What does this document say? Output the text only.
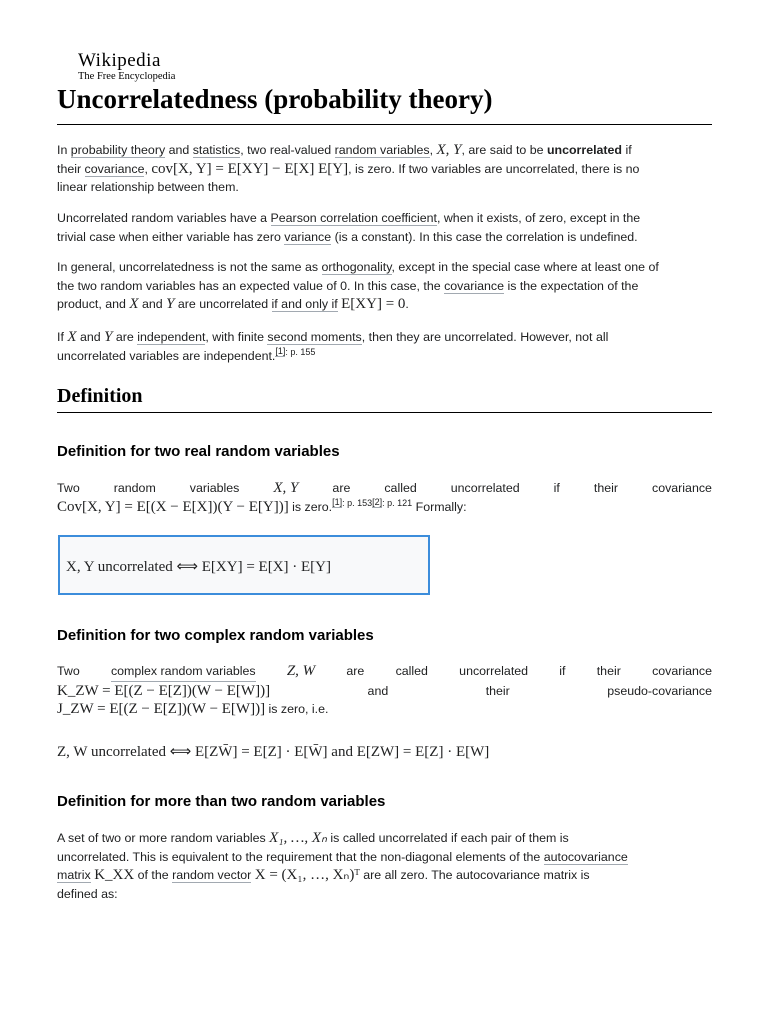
Wikipedia
The Free Encyclopedia
Uncorrelatedness (probability theory)
In probability theory and statistics, two real-valued random variables, X, Y, are said to be uncorrelated if
their covariance, cov[X, Y] = E[XY] − E[X] E[Y], is zero. If two variables are uncorrelated, there is no
linear relationship between them.
Uncorrelated random variables have a Pearson correlation coefficient, when it exists, of zero, except in the
trivial case when either variable has zero variance (is a constant). In this case the correlation is undefined.
In general, uncorrelatedness is not the same as orthogonality, except in the special case where at least one of
the two random variables has an expected value of 0. In this case, the covariance is the expectation of the
product, and X and Y are uncorrelated if and only if E[XY] = 0.
If X and Y are independent, with finite second moments, then they are uncorrelated. However, not all
uncorrelated variables are independent.$^{[1]: p. 155}$
Definition
Definition for two real random variables
Two	random	variables X, Y	are	called	uncorrelated	if	their	covariance
Cov[X, Y] = E[(X − E[X])(Y − E[Y])] is zero.$^{[1]: p. 153[2]: p. 121}$ Formally:
X, Y uncorrelated ⟺ E[XY] = E[X] · E[Y]
Definition for two complex random variables
Two	complex random variables Z, W	are	called	uncorrelated	if	their	covariance
K_ZW = E[(Z − E[Z])(W − E[W])]	and	their	pseudo-covariance
J_ZW = E[(Z − E[Z])(W − E[W])] is zero, i.e.
Z, W uncorrelated ⟺ E[ZW̄] = E[Z] · E[W̄] and E[ZW] = E[Z] · E[W]
Definition for more than two random variables
A set of two or more random variables X₁, …, Xₙ is called uncorrelated if each pair of them is
uncorrelated. This is equivalent to the requirement that the non-diagonal elements of the autocovariance
matrix K_XX of the random vector X = (X₁, …, Xₙ)ᵀ are all zero. The autocovariance matrix is
defined as:
